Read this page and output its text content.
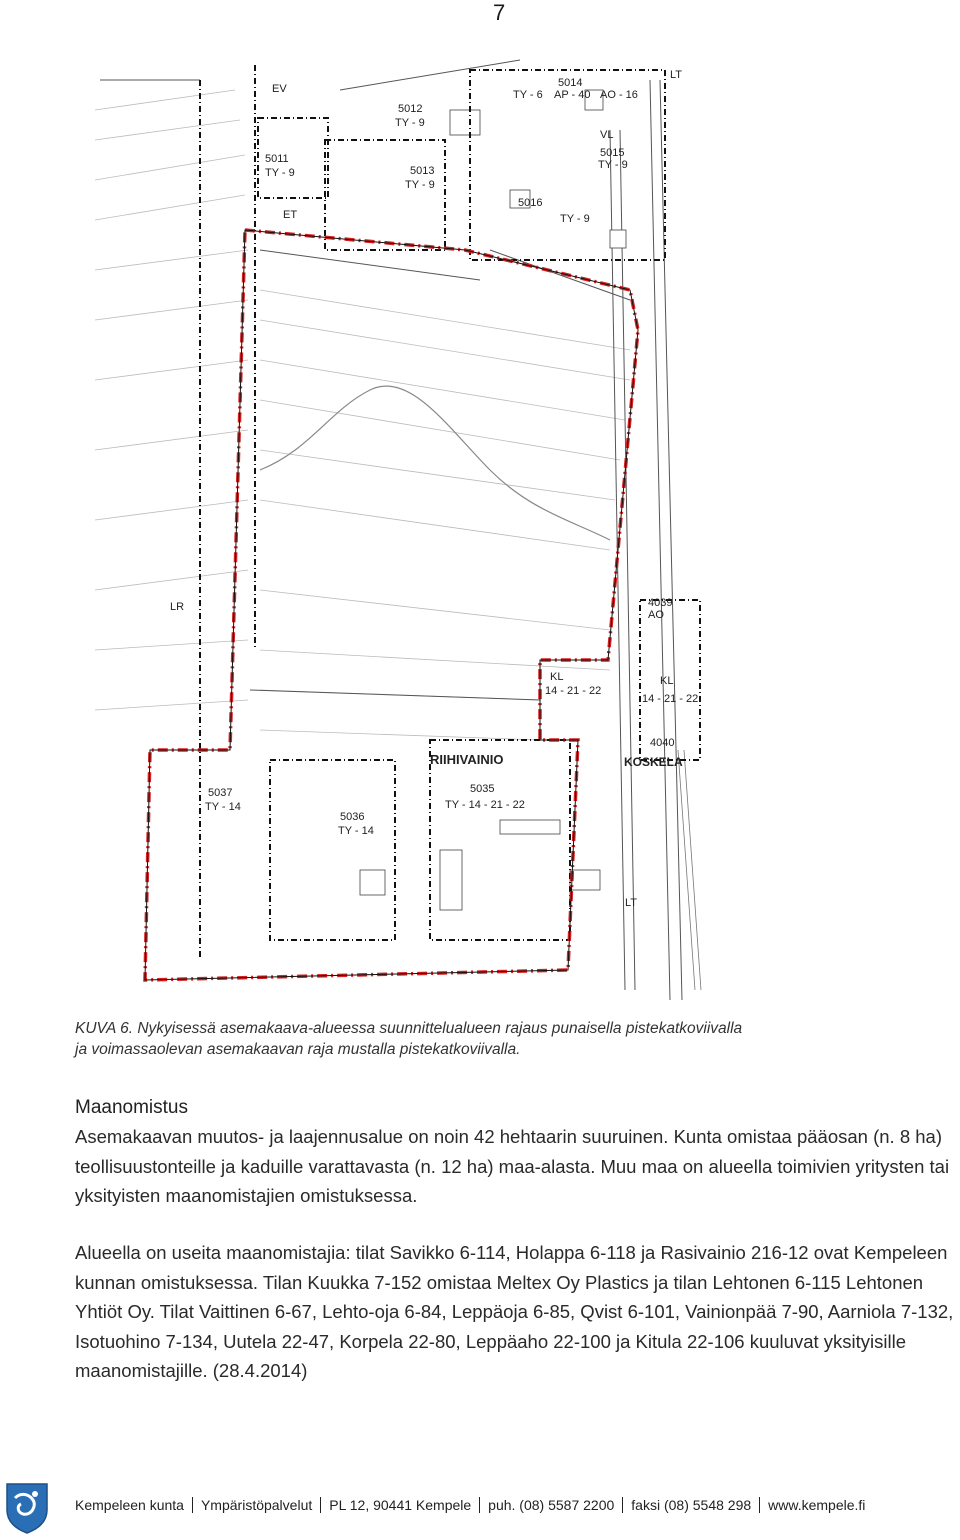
7
EV
5012
TY - 9
5011
TY - 9	5013
TY - 9
ET
5014
TY - 6 AP - 40 AO - 16
VL
5015
TY - 9
5016
TY - 9
LT
LR	4039
AO
KL
14 - 21 - 22
KL
14 - 21 - 22
4040
KOSKELA
RIIHIVAINIO
5035
TY - 14 - 21 - 22
5037
TY - 14
5036
TY - 14
LT
KUVA 6. Nykyisessä asemakaava-alueessa suunnittelualueen rajaus punaisella pistekatkoviivalla
ja voimassaolevan asemakaavan raja mustalla pistekatkoviivalla.
Maanomistus
Asemakaavan muutos- ja laajennusalue on noin 42 hehtaarin suuruinen. Kunta omistaa pääosan (n. 8 ha) teollisuustonteille ja kaduille varattavasta (n. 12 ha) maa-alasta. Muu maa on alueella toimivien yritysten tai yksityisten maanomistajien omistuksessa.
Alueella on useita maanomistajia: tilat Savikko 6-114, Holappa 6-118 ja Rasivainio 216-12 ovat Kempeleen kunnan omistuksessa. Tilan Kuukka 7-152 omistaa Meltex Oy Plastics ja tilan Lehtonen 6-115 Lehtonen Yhtiöt Oy. Tilat Vaittinen 6-67, Lehto-oja 6-84, Leppäoja 6-85, Qvist 6-101, Vainionpää 7-90, Aarniola 7-132, Isotuohino 7-134, Uutela 22-47, Korpela 22-80, Leppäaho 22-100 ja Kitula 22-106 kuuluvat yksityisille maanomistajille. (28.4.2014)
Kempeleen kunta Ympäristöpalvelut PL 12, 90441 Kempele puh. (08) 5587 2200 faksi (08) 5548 298 www.kempele.fi
